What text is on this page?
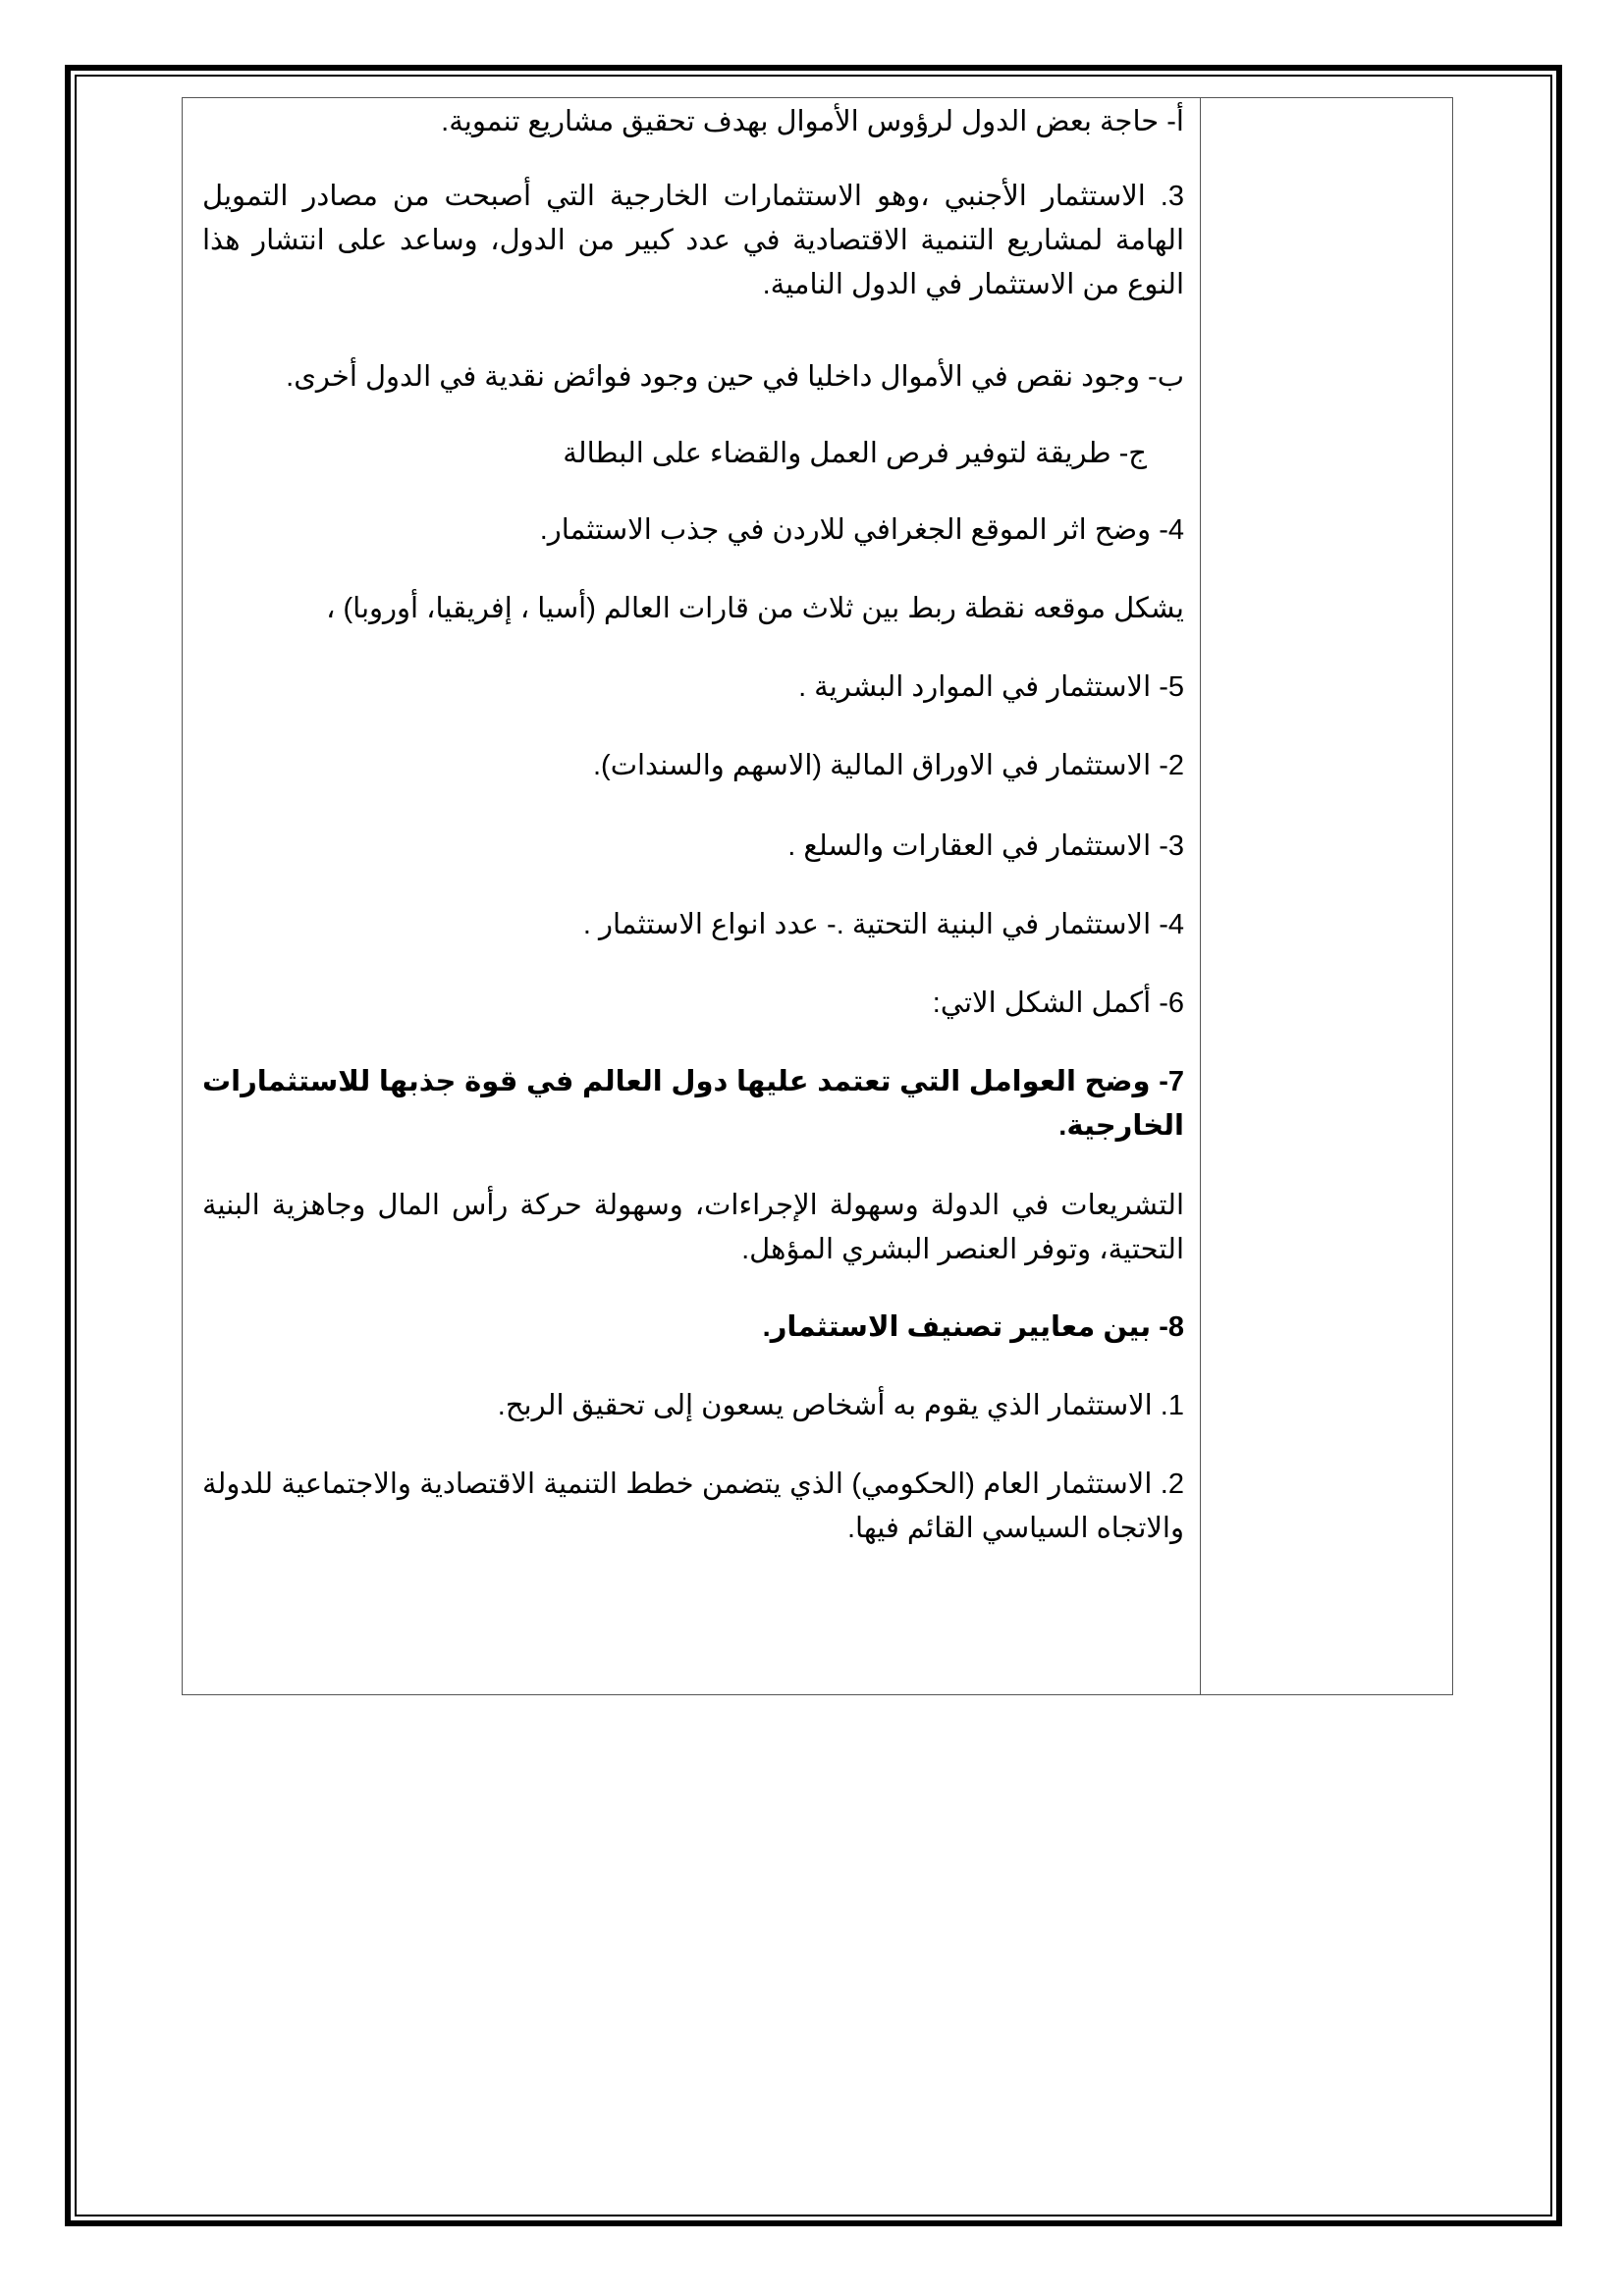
أ- حاجة بعض الدول لرؤوس الأموال بهدف تحقيق مشاريع تنموية.

3. الاستثمار الأجنبي ،وهو الاستثمارات الخارجية التي أصبحت من مصادر التمويل الهامة لمشاريع التنمية الاقتصادية في عدد كبير من الدول، وساعد على انتشار هذا النوع من الاستثمار في الدول النامية.

ب- وجود نقص في الأموال داخليا في حين وجود فوائض نقدية في الدول أخرى.

ج- طريقة لتوفير فرص العمل والقضاء على البطالة

4- وضح اثر الموقع الجغرافي للاردن في جذب الاستثمار.

يشكل موقعه نقطة ربط بين ثلاث من قارات العالم (أسيا ، إفريقيا، أوروبا) ،

5- الاستثمار في الموارد البشرية .

2- الاستثمار في الاوراق المالية (الاسهم والسندات).

3- الاستثمار في العقارات والسلع .

4- الاستثمار في البنية التحتية .- عدد انواع الاستثمار .

6- أكمل الشكل الاتي:

7- وضح العوامل التي تعتمد عليها دول العالم في قوة جذبها للاستثمارات الخارجية.

التشريعات في الدولة وسهولة الإجراءات، وسهولة حركة رأس المال وجاهزية البنية التحتية، وتوفر العنصر البشري المؤهل.

8- بين معايير تصنيف الاستثمار.

1. الاستثمار الذي يقوم به أشخاص يسعون إلى تحقيق الربح.

2. الاستثمار العام (الحكومي) الذي يتضمن خطط التنمية الاقتصادية والاجتماعية للدولة والاتجاه السياسي القائم فيها.
